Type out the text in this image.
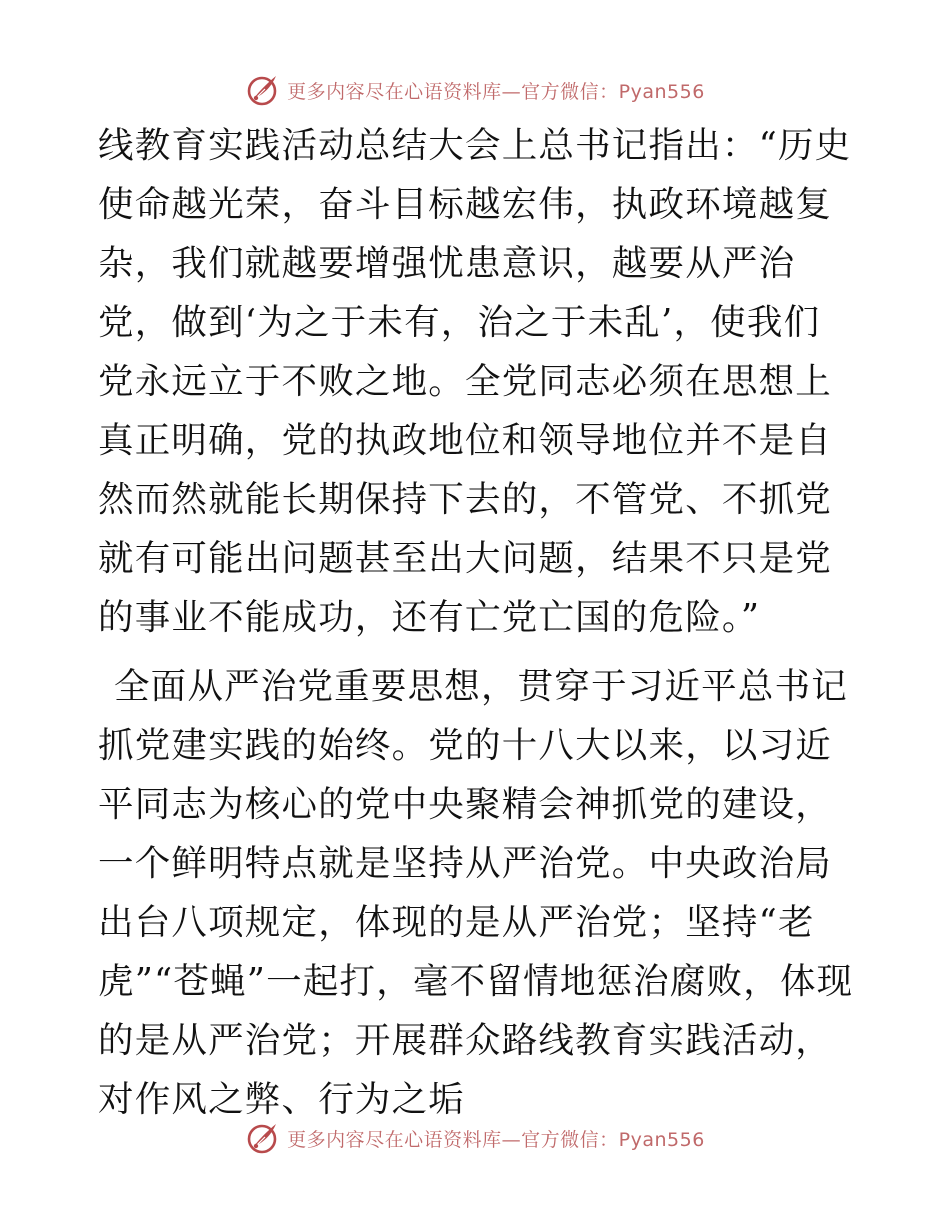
更多内容尽在心语资料库—官方微信：Pyan556

线教育实践活动总结大会上总书记指出：“历史使命越光荣，奋斗目标越宏伟，执政环境越复杂，我们就越要增强忧患意识，越要从严治党，做到‘为之于未有，治之于未乱’，使我们党永远立于不败之地。全党同志必须在思想上真正明确，党的执政地位和领导地位并不是自然而然就能长期保持下去的，不管党、不抓党就有可能出问题甚至出大问题，结果不只是党的事业不能成功，还有亡党亡国的危险。”

全面从严治党重要思想，贯穿于习近平总书记抓党建实践的始终。党的十八大以来，以习近平同志为核心的党中央聚精会神抓党的建设，一个鲜明特点就是坚持从严治党。中央政治局出台八项规定，体现的是从严治党；坚持“老虎”“苍蝇”一起打，毫不留情地惩治腐败，体现的是从严治党；开展群众路线教育实践活动，对作风之弊、行为之垢

更多内容尽在心语资料库—官方微信：Pyan556
